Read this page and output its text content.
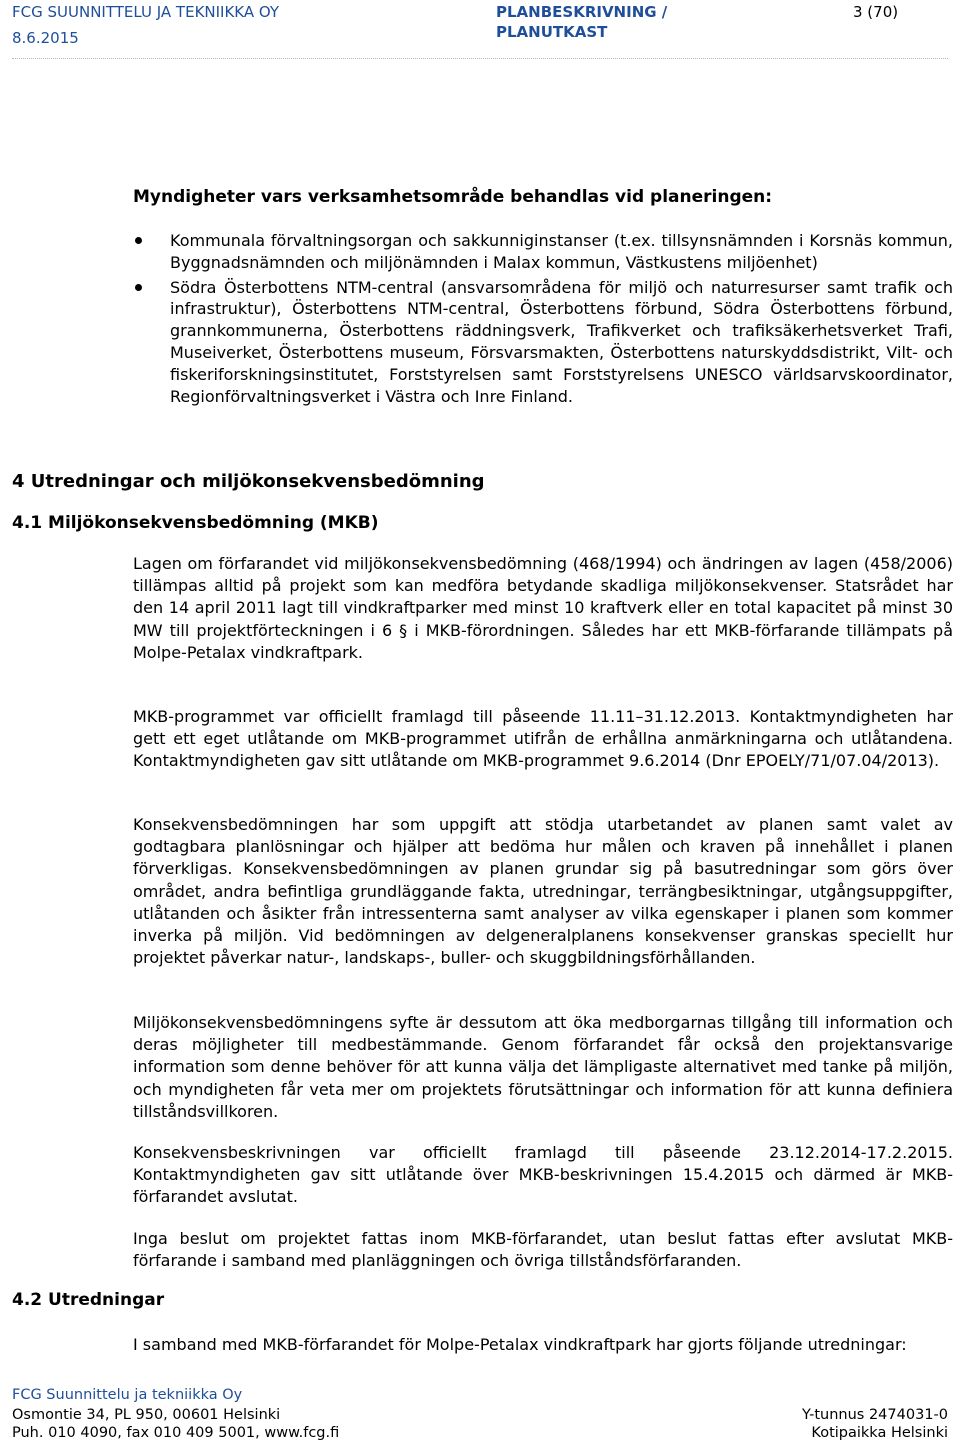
FCG SUUNNITTELU JA TEKNIIKKA OY
8.6.2015
PLANBESKRIVNING / PLANUTKAST
3 (70)
Myndigheter vars verksamhetsområde behandlas vid planeringen:
Kommunala förvaltningsorgan och sakkunniginstanser (t.ex. tillsynsnämnden i Korsnäs kommun, Byggnadsnämnden och miljönämnden i Malax kommun, Västkustens miljöenhet)
Södra Österbottens NTM-central (ansvarsområdena för miljö och naturresurser samt trafik och infrastruktur), Österbottens NTM-central, Österbottens förbund, Södra Österbottens förbund, grannkommunerna, Österbottens räddningsverk, Trafikverket och trafiksäkerhetsverket Trafi, Museiverket, Österbottens museum, Försvarsmakten, Österbottens naturskyddsdistrikt, Vilt- och fiskeriforskningsinstitutet, Forststyrelsen samt Forststyrelsens UNESCO världsarvskoordinator, Regionförvaltningsverket i Västra och Inre Finland.
4 Utredningar och miljökonsekvensbedömning
4.1 Miljökonsekvensbedömning (MKB)

Lagen om förfarandet vid miljökonsekvensbedömning (468/1994) och ändringen av lagen (458/2006) tillämpas alltid på projekt som kan medföra betydande skadliga miljökonsekvenser. Statsrådet har den 14 april 2011 lagt till vindkraftparker med minst 10 kraftverk eller en total kapacitet på minst 30 MW till projektförteckningen i 6 § i MKB-förordningen. Således har ett MKB-förfarande tillämpats på Molpe-Petalax vindkraftpark.

MKB-programmet var officiellt framlagd till påseende 11.11–31.12.2013. Kontaktmyndigheten har gett ett eget utlåtande om MKB-programmet utifrån de erhållna anmärkningarna och utlåtandena. Kontaktmyndigheten gav sitt utlåtande om MKB-programmet 9.6.2014 (Dnr EPOELY/71/07.04/2013).

Konsekvensbedömningen har som uppgift att stödja utarbetandet av planen samt valet av godtagbara planlösningar och hjälper att bedöma hur målen och kraven på innehållet i planen förverkligas. Konsekvensbedömningen av planen grundar sig på basutredningar som görs över området, andra befintliga grundläggande fakta, utredningar, terrängbesiktningar, utgångsuppgifter, utlåtanden och åsikter från intressenterna samt analyser av vilka egenskaper i planen som kommer inverka på miljön. Vid bedömningen av delgeneralplanens konsekvenser granskas speciellt hur projektet påverkar natur-, landskaps-, buller- och skuggbildningsförhållanden.

Miljökonsekvensbedömningens syfte är dessutom att öka medborgarnas tillgång till information och deras möjligheter till medbestämmande. Genom förfarandet får också den projektansvarige information som denne behöver för att kunna välja det lämpligaste alternativet med tanke på miljön, och myndigheten får veta mer om projektets förutsättningar och information för att kunna definiera tillståndsvillkoren.

Konsekvensbeskrivningen var officiellt framlagd till påseende 23.12.2014-17.2.2015. Kontaktmyndigheten gav sitt utlåtande över MKB-beskrivningen 15.4.2015 och därmed är MKB-förfarandet avslutat.

Inga beslut om projektet fattas inom MKB-förfarandet, utan beslut fattas efter avslutat MKB-förfarande i samband med planläggningen och övriga tillståndsförfaranden.

4.2 Utredningar

I samband med MKB-förfarandet för Molpe-Petalax vindkraftpark har gjorts följande utredningar:

FCG Suunnittelu ja tekniikka Oy
Osmontie 34, PL 950, 00601 Helsinki
Puh. 010 4090, fax 010 409 5001, www.fcg.fi
Y-tunnus 2474031-0
Kotipaikka Helsinki
